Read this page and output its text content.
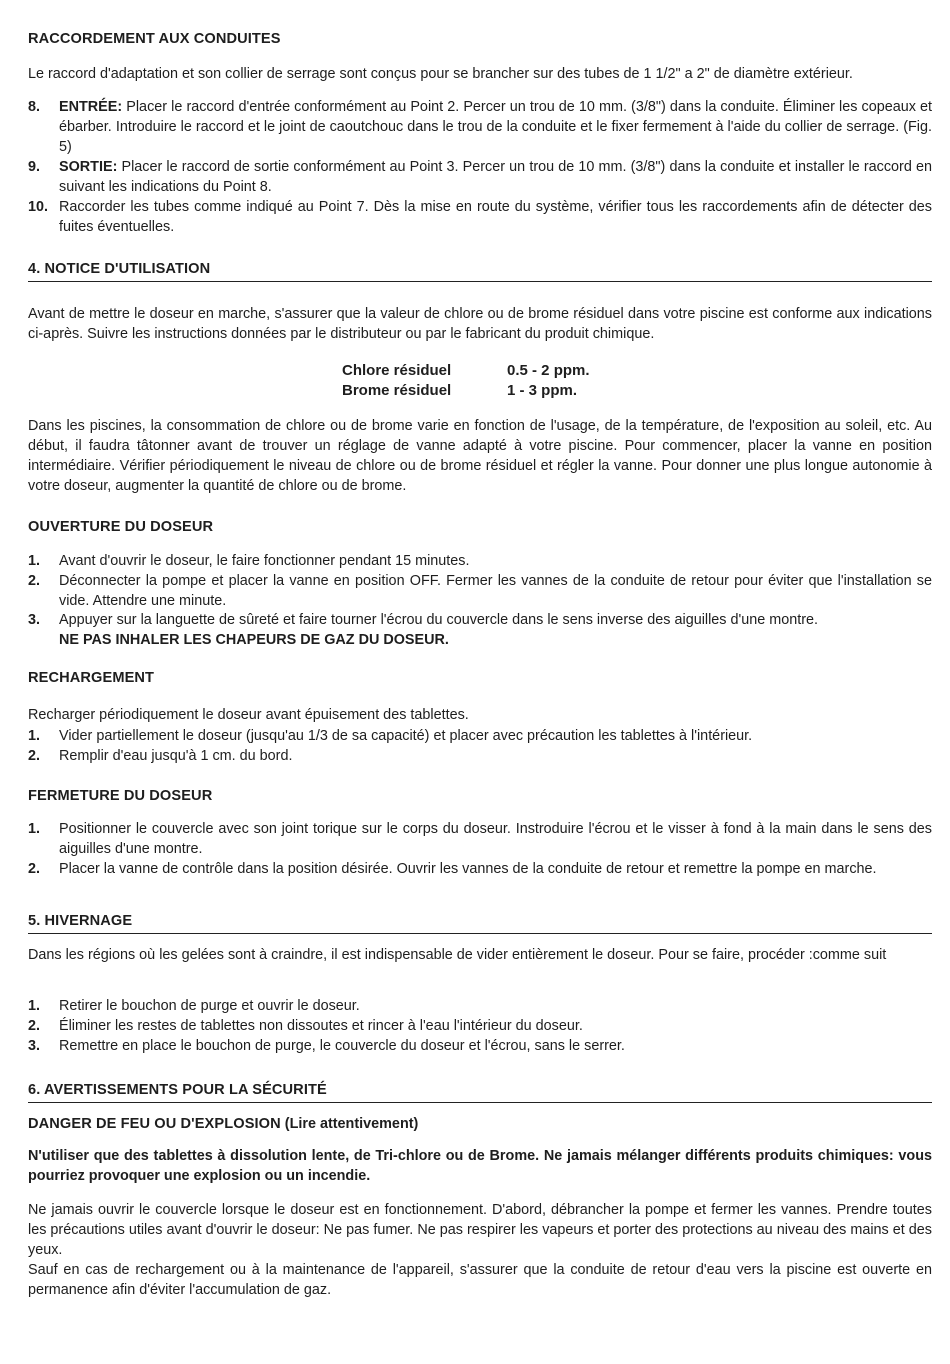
RACCORDEMENT AUX CONDUITES

Le raccord d'adaptation et son collier de serrage sont conçus pour se brancher sur des tubes de 1 1/2" a 2" de diamètre extérieur.

8.	ENTRÉE: Placer le raccord d'entrée conformément au Point 2. Percer un trou de 10 mm. (3/8") dans la conduite. Éliminer les copeaux et ébarber. Introduire le raccord et le joint de caoutchouc dans le trou de la conduite et le fixer fermement à l'aide du collier de serrage. (Fig. 5)
9.	SORTIE: Placer le raccord de sortie conformément au Point 3. Percer un trou de 10 mm. (3/8") dans la conduite et installer le raccord en suivant les indications du Point 8.
10. Raccorder les tubes comme indiqué au Point 7. Dès la mise en route du système, vérifier tous les raccordements afin de détecter des fuites éventuelles.
4. NOTICE D'UTILISATION

Avant de mettre le doseur en marche, s'assurer que la valeur de chlore ou de brome résiduel dans votre piscine est conforme aux indications ci-après. Suivre les instructions données par le distributeur ou par le fabricant du produit chimique.

Chlore résiduel	0.5 - 2 ppm.
Brome résiduel	1 - 3 ppm.

Dans les piscines, la consommation de chlore ou de brome varie en fonction de l'usage, de la température, de l'exposition au soleil, etc. Au début, il faudra tâtonner avant de trouver un réglage de vanne adapté à votre piscine. Pour commencer, placer la vanne en position intermédiaire. Vérifier périodiquement le niveau de chlore ou de brome résiduel et régler la vanne. Pour donner une plus longue autonomie à votre doseur, augmenter la quantité de chlore ou de brome.

OUVERTURE DU DOSEUR
1.	Avant d'ouvrir le doseur, le faire fonctionner pendant 15 minutes.
2.	Déconnecter la pompe et placer la vanne en position OFF. Fermer les vannes de la conduite de retour pour éviter que l'installation se vide. Attendre une minute.
3.	Appuyer sur la languette de sûreté et faire tourner l'écrou du couvercle dans le sens inverse des aiguilles d'une montre.
NE PAS INHALER LES CHAPEURS DE GAZ DU DOSEUR.
RECHARGEMENT

Recharger périodiquement le doseur avant épuisement des tablettes.

1.	Vider partiellement le doseur (jusqu'au 1/3 de sa capacité) et placer avec précaution les tablettes à l'intérieur.
2.	Remplir d'eau jusqu'à 1 cm. du bord.
FERMETURE DU DOSEUR
1.	Positionner le couvercle avec son joint torique sur le corps du doseur. Instroduire l'écrou et le visser à fond à la main dans le sens des aiguilles d'une montre.
2.	Placer la vanne de contrôle dans la position désirée. Ouvrir les vannes de la conduite de retour et remettre la pompe en marche.
5. HIVERNAGE

Dans les régions où les gelées sont à craindre, il est indispensable de vider entièrement le doseur. Pour se faire, procéder :comme suit

1.	Retirer le bouchon de purge et ouvrir le doseur.
2.	Éliminer les restes de tablettes non dissoutes et rincer à l'eau l'intérieur du doseur.
3.	Remettre en place le bouchon de purge, le couvercle du doseur et l'écrou, sans le serrer.
6. AVERTISSEMENTS POUR LA SÉCURITÉ
DANGER DE FEU OU D'EXPLOSION (Lire attentivement)

N'utiliser que des tablettes à dissolution lente, de Tri-chlore ou de Brome. Ne jamais mélanger différents produits chimiques: vous pourriez provoquer une explosion ou un incendie.

Ne jamais ouvrir le couvercle lorsque le doseur est en fonctionnement. D'abord, débrancher la pompe et fermer les vannes. Prendre toutes les précautions utiles avant d'ouvrir le doseur: Ne pas fumer. Ne pas respirer les vapeurs et porter des protections au niveau des mains et des yeux.

Sauf en cas de rechargement ou à la maintenance de l'appareil, s'assurer que la conduite de retour d'eau vers la piscine est ouverte en permanence afin d'éviter l'accumulation de gaz.
